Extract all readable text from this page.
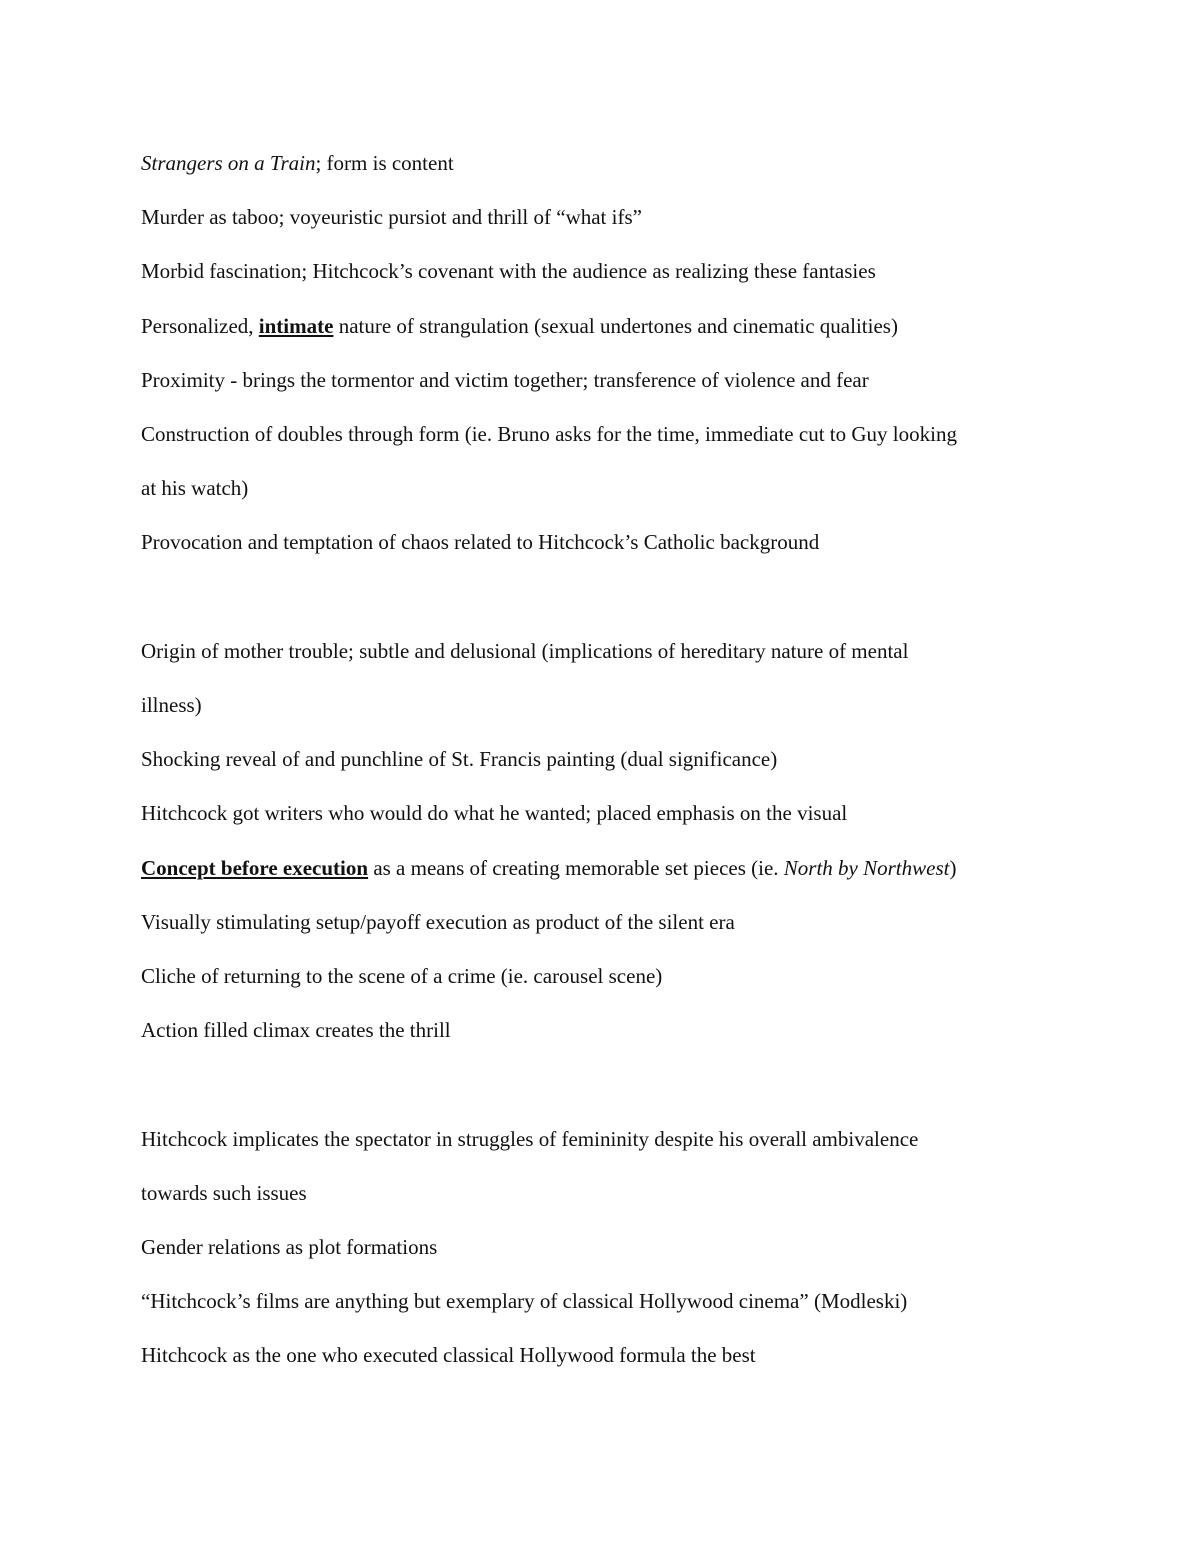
Strangers on a Train; form is content

Murder as taboo; voyeuristic pursiot and thrill of “what ifs”

Morbid fascination; Hitchcock’s covenant with the audience as realizing these fantasies

Personalized, intimate nature of strangulation (sexual undertones and cinematic qualities)

Proximity - brings the tormentor and victim together; transference of violence and fear

Construction of doubles through form (ie. Bruno asks for the time, immediate cut to Guy looking

at his watch)

Provocation and temptation of chaos related to Hitchcock’s Catholic background

Origin of mother trouble; subtle and delusional (implications of hereditary nature of mental

illness)

Shocking reveal of and punchline of St. Francis painting (dual significance)

Hitchcock got writers who would do what he wanted; placed emphasis on the visual

Concept before execution as a means of creating memorable set pieces (ie. North by Northwest)

Visually stimulating setup/payoff execution as product of the silent era

Cliche of returning to the scene of a crime (ie. carousel scene)

Action filled climax creates the thrill

Hitchcock implicates the spectator in struggles of femininity despite his overall ambivalence

towards such issues

Gender relations as plot formations

“Hitchcock’s films are anything but exemplary of classical Hollywood cinema” (Modleski)

Hitchcock as the one who executed classical Hollywood formula the best
